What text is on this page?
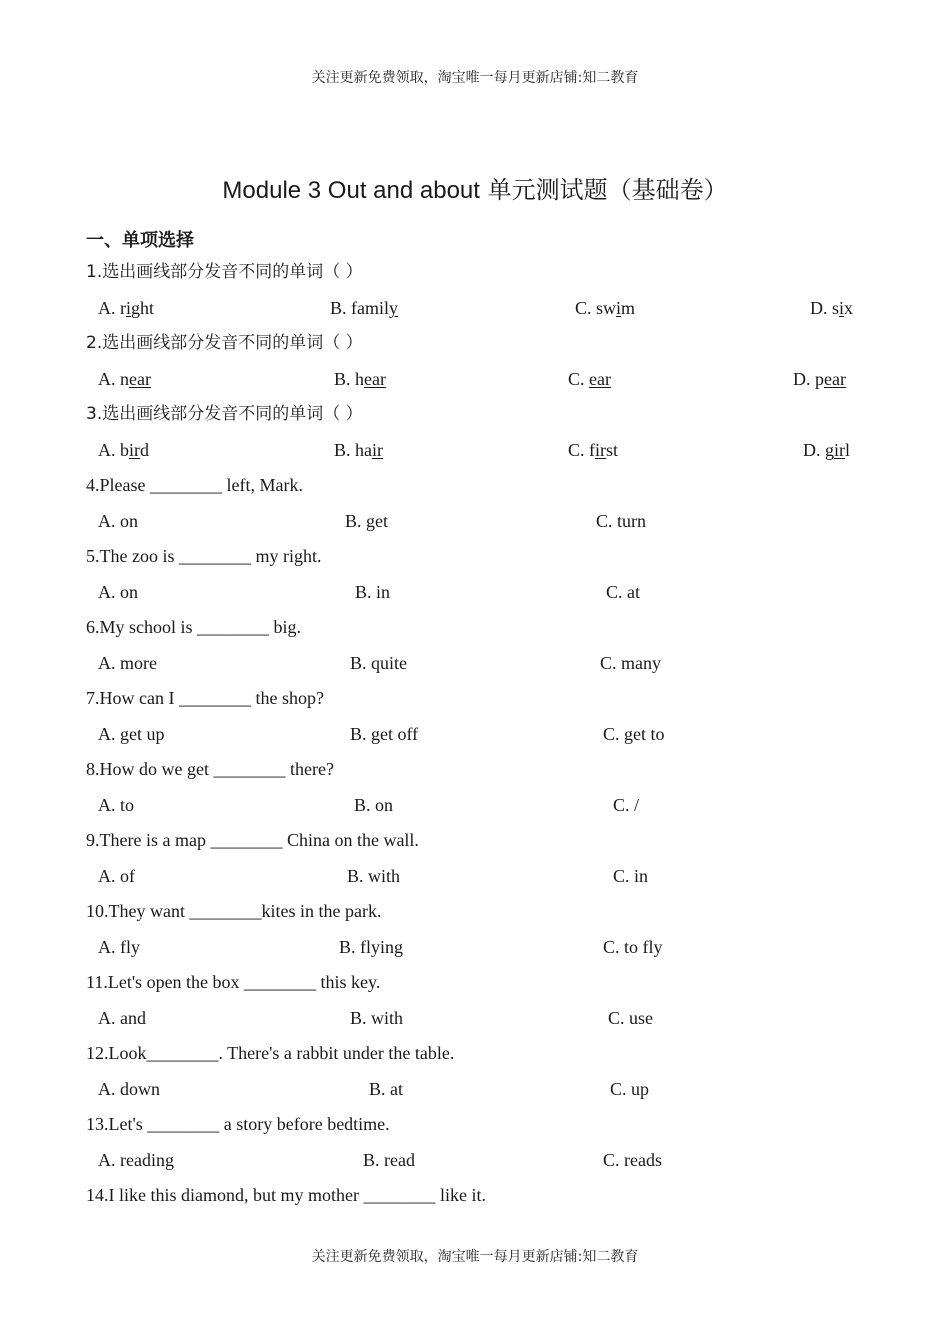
关注更新免费领取，淘宝唯一每月更新店铺:知二教育
Module 3 Out and about 单元测试题（基础卷）
一、单项选择
1.选出画线部分发音不同的单词（ ）
A. right	B. family	C. swim	D. six
2.选出画线部分发音不同的单词（ ）
A. near	B. hear	C. ear	D. pear
3.选出画线部分发音不同的单词（ ）
A. bird	B. hair	C. first	D. girl
4.Please ________ left, Mark.
A. on	B. get	C. turn
5.The zoo is ________ my right.
A. on	B. in	C. at
6.My school is ________ big.
A. more	B. quite	C. many
7.How can I ________ the shop?
A. get up	B. get off	C. get to
8.How do we get ________ there?
A. to	B. on	C. /
9.There is a map ________ China on the wall.
A. of	B. with	C. in
10.They want ________kites in the park.
A. fly	B. flying	C. to fly
11.Let's open the box ________ this key.
A. and	B. with	C. use
12.Look________. There's a rabbit under the table.
A. down	B. at	C. up
13.Let's ________ a story before bedtime.
A. reading	B. read	C. reads
14.I like this diamond, but my mother ________ like it.
关注更新免费领取，淘宝唯一每月更新店铺:知二教育
